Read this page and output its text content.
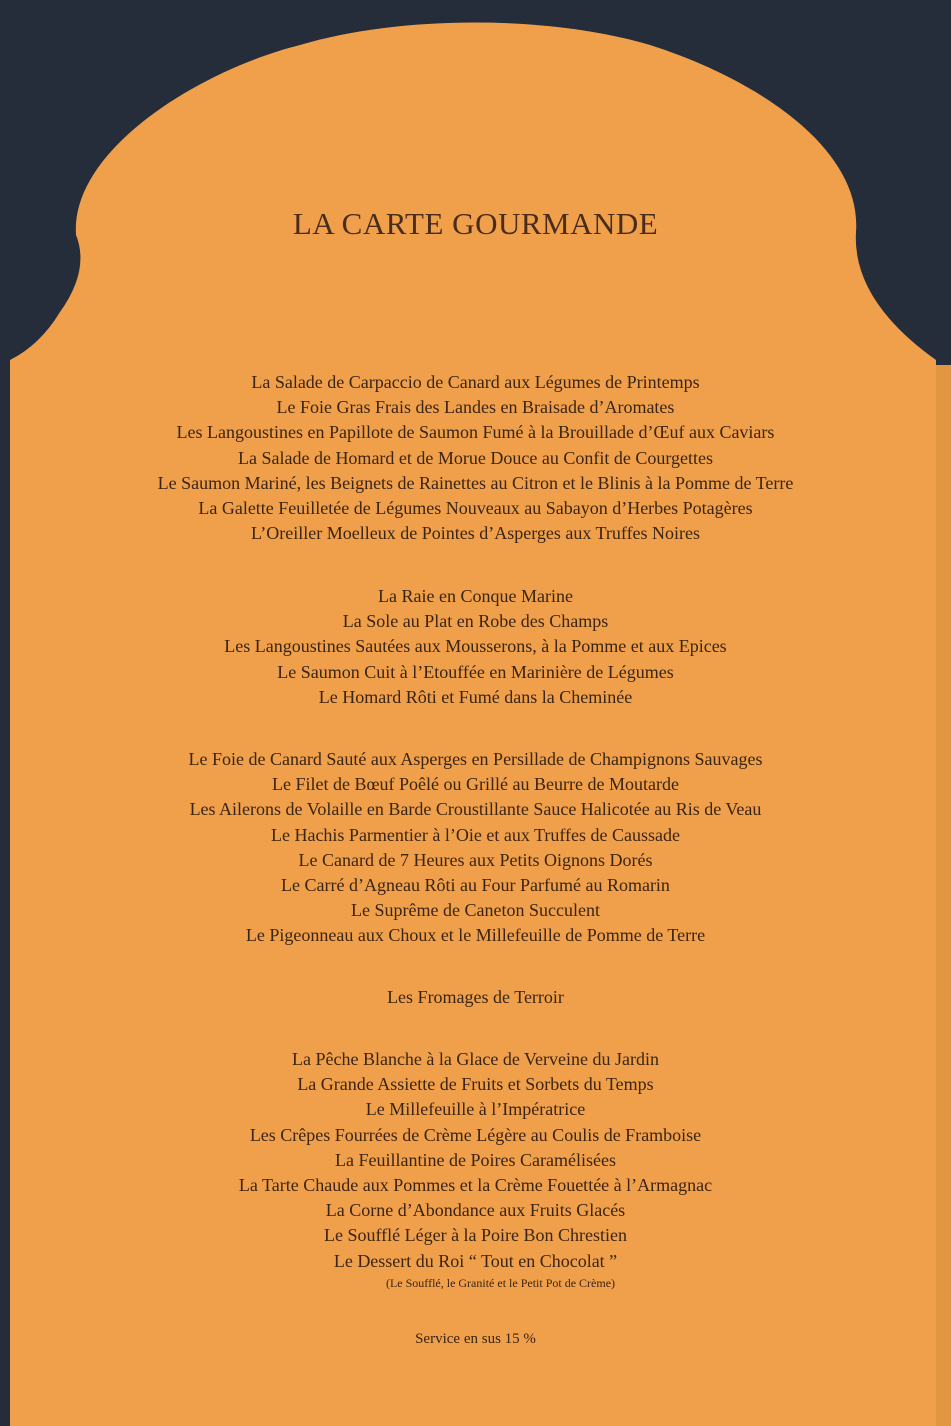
LA CARTE GOURMANDE
La Salade de Carpaccio de Canard aux Légumes de Printemps
Le Foie Gras Frais des Landes en Braisade d’Aromates
Les Langoustines en Papillote de Saumon Fumé à la Brouillade d’Œuf aux Caviars
La Salade de Homard et de Morue Douce au Confit de Courgettes
Le Saumon Mariné, les Beignets de Rainettes au Citron et le Blinis à la Pomme de Terre
La Galette Feuilletée de Légumes Nouveaux au Sabayon d’Herbes Potagères
L’Oreiller Moelleux de Pointes d’Asperges aux Truffes Noires
La Raie en Conque Marine
La Sole au Plat en Robe des Champs
Les Langoustines Sautées aux Mousserons, à la Pomme et aux Epices
Le Saumon Cuit à l’Etouffée en Marinière de Légumes
Le Homard Rôti et Fumé dans la Cheminée
Le Foie de Canard Sauté aux Asperges en Persillade de Champignons Sauvages
Le Filet de Bœuf Poêlé ou Grillé au Beurre de Moutarde
Les Ailerons de Volaille en Barde Croustillante Sauce Halicotée au Ris de Veau
Le Hachis Parmentier à l’Oie et aux Truffes de Caussade
Le Canard de 7 Heures aux Petits Oignons Dorés
Le Carré d’Agneau Rôti au Four Parfumé au Romarin
Le Suprême de Caneton Succulent
Le Pigeonneau aux Choux et le Millefeuille de Pomme de Terre
Les Fromages de Terroir
La Pêche Blanche à la Glace de Verveine du Jardin
La Grande Assiette de Fruits et Sorbets du Temps
Le Millefeuille à l’Impératrice
Les Crêpes Fourrées de Crème Légère au Coulis de Framboise
La Feuillantine de Poires Caramélisées
La Tarte Chaude aux Pommes et la Crème Fouettée à l’Armagnac
La Corne d’Abondance aux Fruits Glacés
Le Soufflé Léger à la Poire Bon Chrestien
Le Dessert du Roi “ Tout en Chocolat ”
(Le Soufflé, le Granité et le Petit Pot de Crème)
Service en sus 15 %
